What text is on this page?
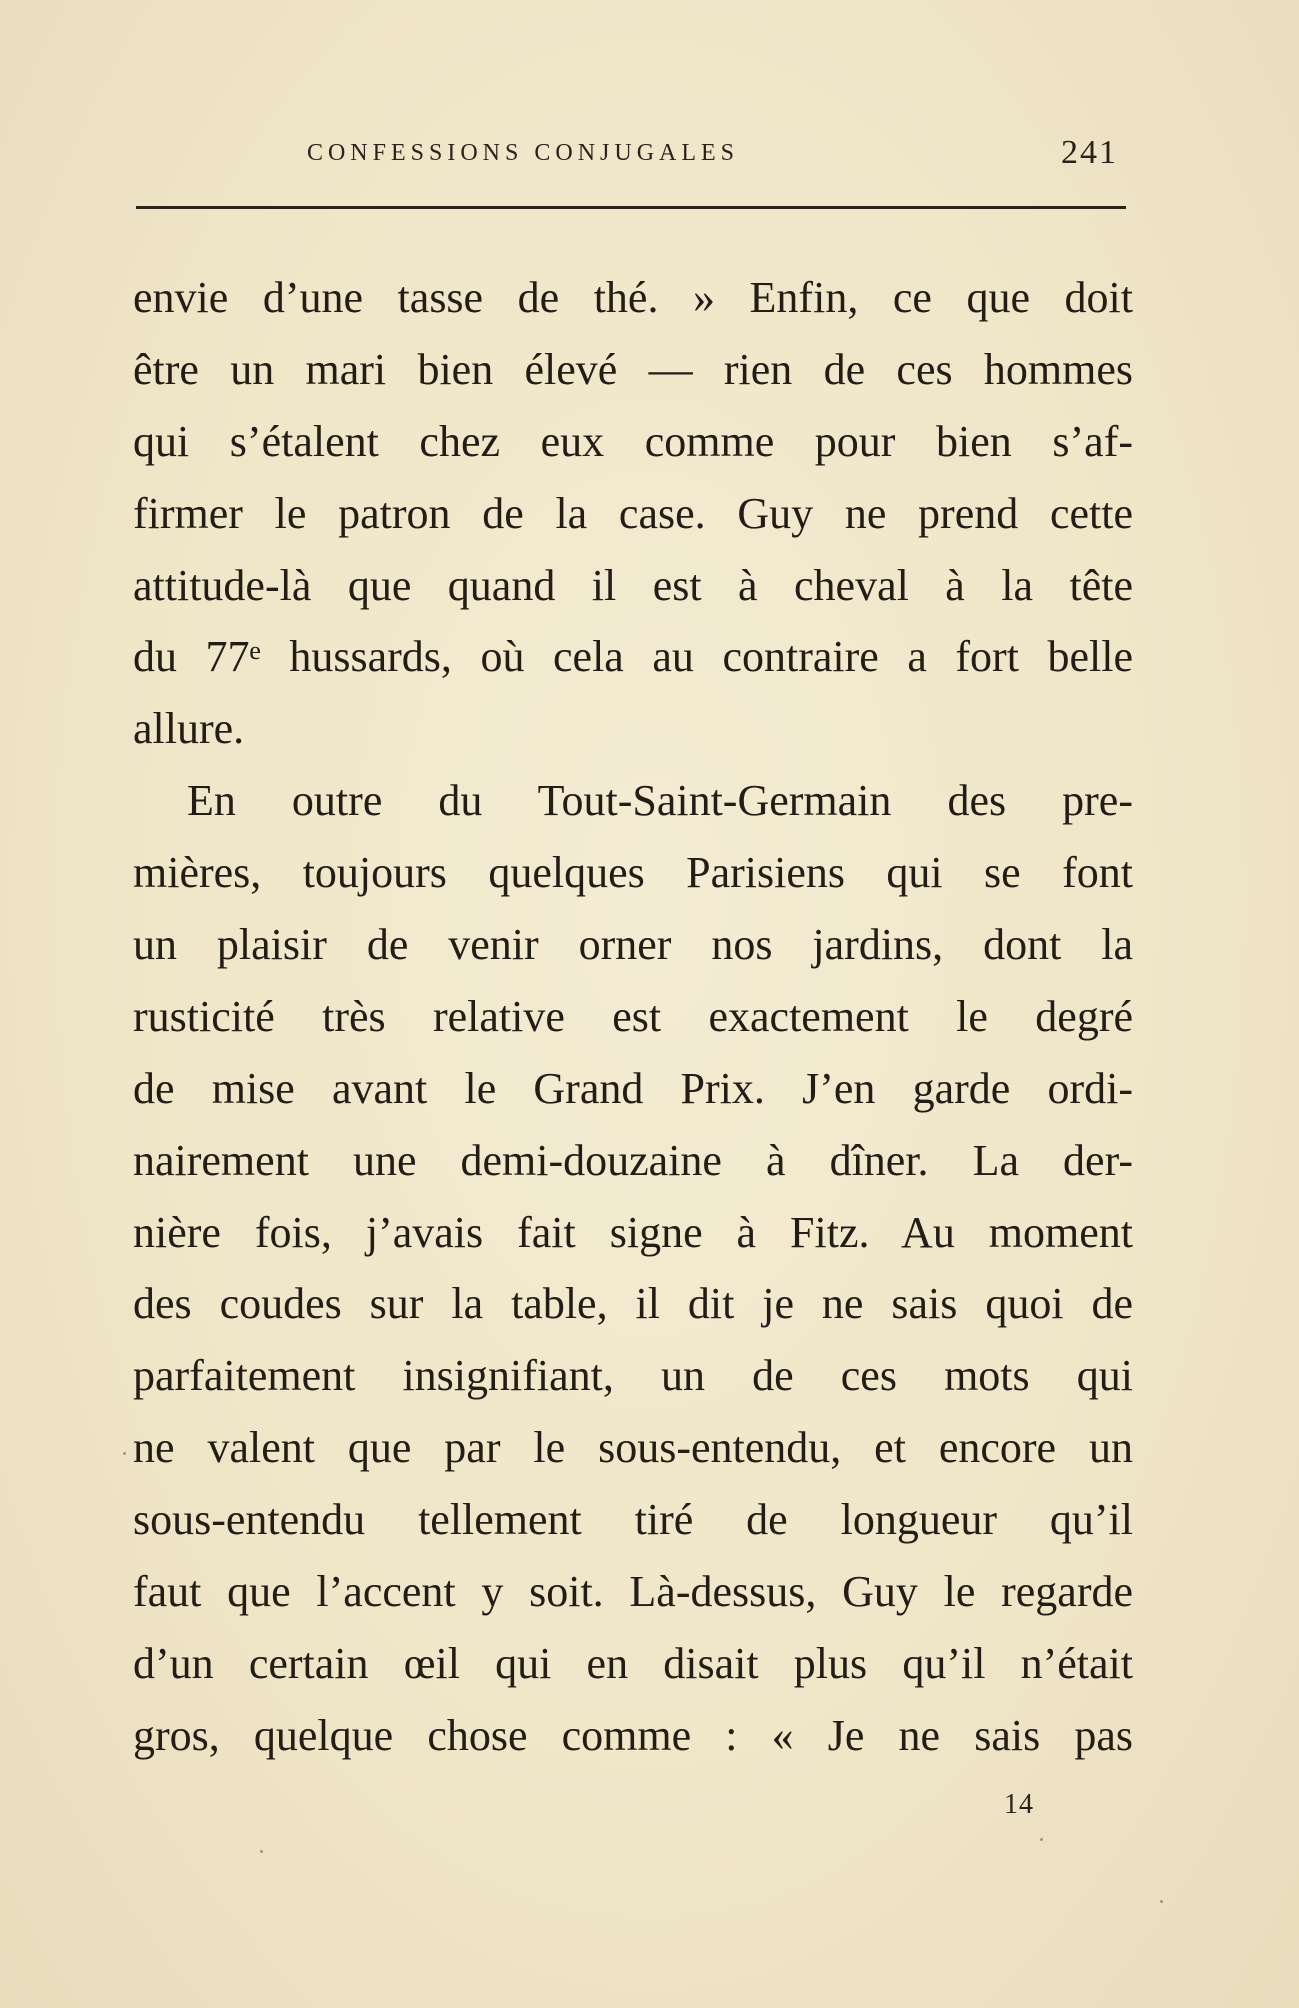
CONFESSIONS CONJUGALES	241
envie d’une tasse de thé. » Enfin, ce que doit
être un mari bien élevé — rien de ces hommes
qui s’étalent chez eux comme pour bien s’af-
firmer le patron de la case. Guy ne prend cette
attitude-là que quand il est à cheval à la tête
du 77ᵉ hussards, où cela au contraire a fort belle
allure.
En outre du Tout-Saint-Germain des pre-
mières, toujours quelques Parisiens qui se font
un plaisir de venir orner nos jardins, dont la
rusticité très relative est exactement le degré
de mise avant le Grand Prix. J’en garde ordi-
nairement une demi-douzaine à dîner. La der-
nière fois, j’avais fait signe à Fitz. Au moment
des coudes sur la table, il dit je ne sais quoi de
parfaitement insignifiant, un de ces mots qui
ne valent que par le sous-entendu, et encore un
sous-entendu tellement tiré de longueur qu’il
faut que l’accent y soit. Là-dessus, Guy le regarde
d’un certain œil qui en disait plus qu’il n’était
gros, quelque chose comme : « Je ne sais pas
14
